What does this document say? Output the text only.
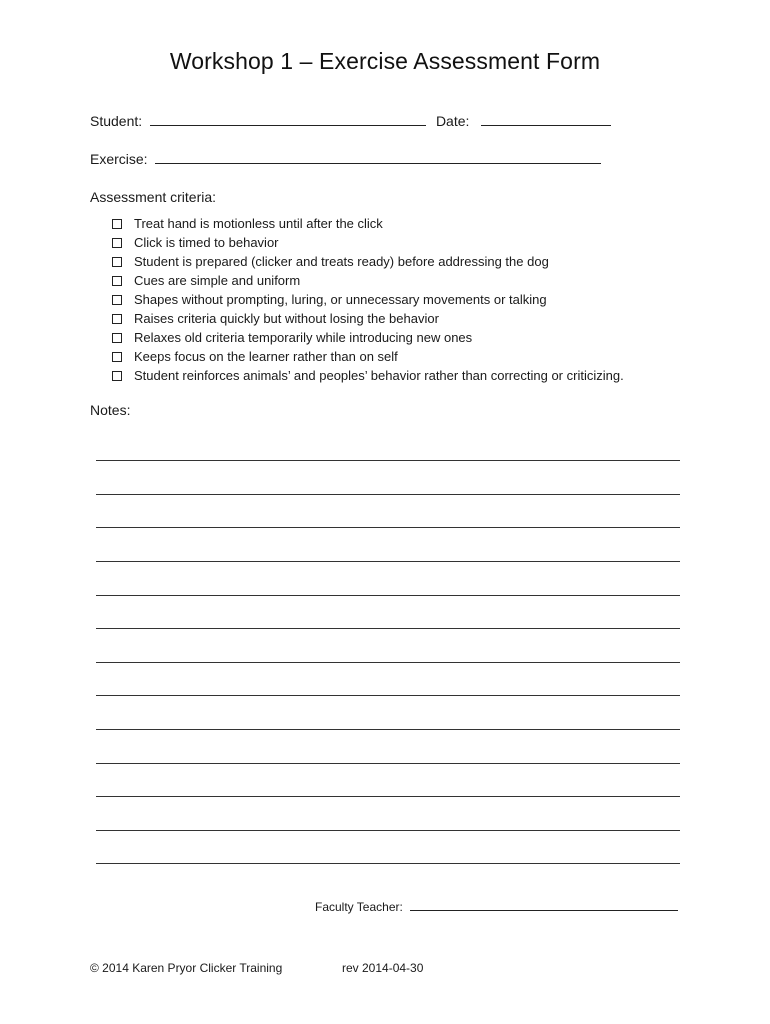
Workshop 1 – Exercise Assessment Form
Student:	Date:
Exercise:
Assessment criteria:
Treat hand is motionless until after the click
Click is timed to behavior
Student is prepared (clicker and treats ready) before addressing the dog
Cues are simple and uniform
Shapes without prompting, luring, or unnecessary movements or talking
Raises criteria quickly but without losing the behavior
Relaxes old criteria temporarily while introducing new ones
Keeps focus on the learner rather than on self
Student reinforces animals’ and peoples’ behavior rather than correcting or criticizing.
Notes:
Faculty Teacher:
© 2014 Karen Pryor Clicker Training	rev 2014-04-30
